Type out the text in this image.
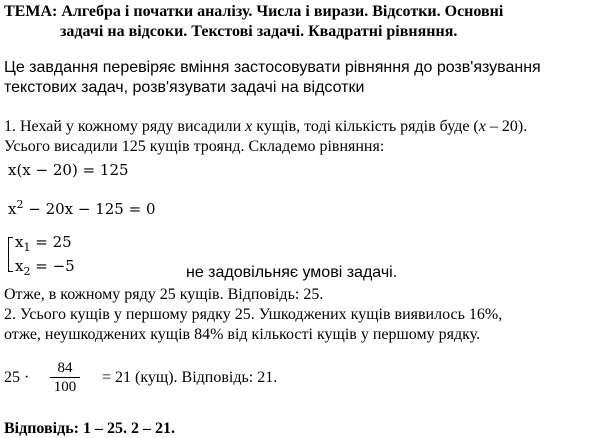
ТЕМА: Алгебра і початки аналізу. Числа і вирази. Відсотки. Основні
задачі на відсоки. Текстові задачі. Квадратні рівняння.
Це завдання перевіряє вміння застосовувати рівняння до розв'язування
текстових задач, розв'язувати задачі на відсотки
1. Нехай у кожному ряду висадили x кущів, тоді кількість рядів буде (x – 20).
Усього висадили 125 кущів троянд. Складемо рівняння:
x(x − 20) = 125
$x^2 - 20x - 125 = 0$
$x_1 = 25$
$x_2 = -5$	не задовільняє умові задачі.
Отже, в кожному ряду 25 кущів. Відповідь: 25.
2. Усього кущів у першому рядку 25. Ушкоджених кущів виявилось 16%,
отже, неушкоджених кущів 84% від кількості кущів у першому рядку.
$25 \cdot \frac{84}{100} = 21$ (кущ). Відповідь: 21.
Відповідь: 1 – 25. 2 – 21.
